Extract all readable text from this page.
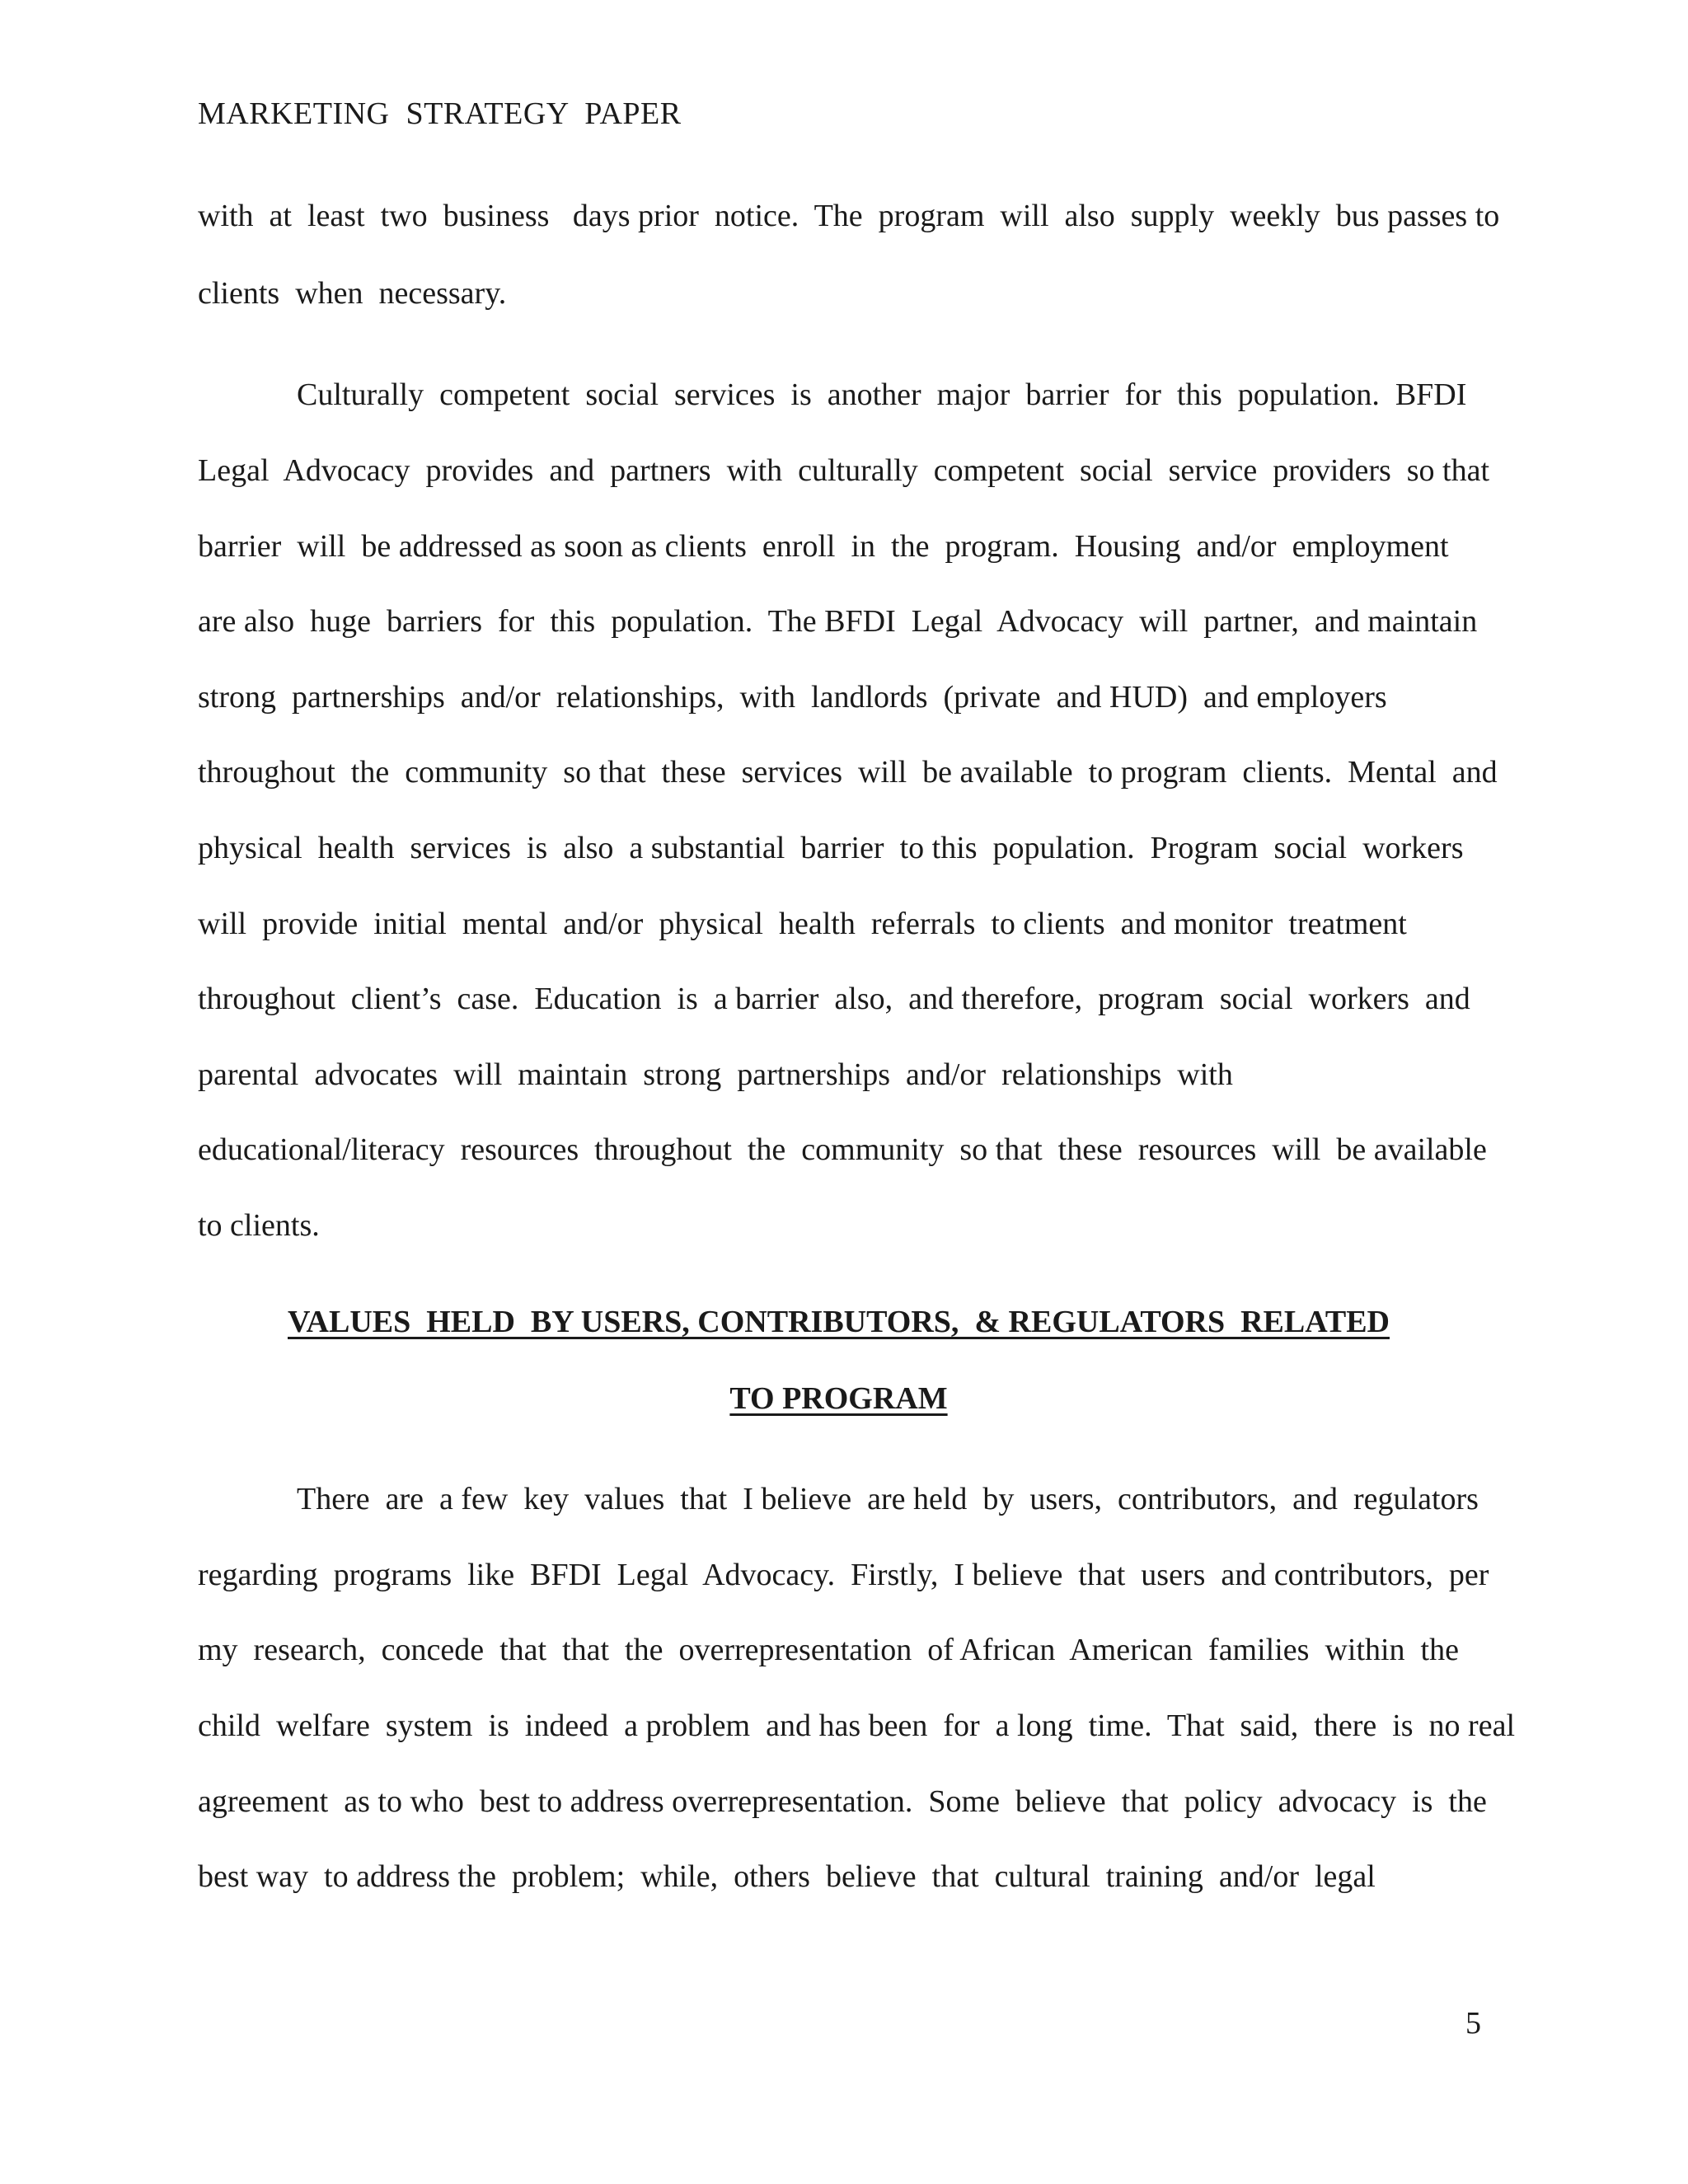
MARKETING  STRATEGY  PAPER
with  at  least  two  business   days prior  notice.  The  program  will  also  supply  weekly  bus passes to
clients  when  necessary.
Culturally  competent  social  services  is  another  major  barrier  for  this  population.  BFDI
Legal  Advocacy  provides  and  partners  with  culturally  competent  social  service  providers  so that
barrier  will  be addressed as soon as clients  enroll  in  the  program.  Housing  and/or  employment
are also  huge  barriers  for  this  population.  The BFDI  Legal  Advocacy  will  partner,  and maintain
strong  partnerships  and/or  relationships,  with  landlords  (private  and HUD)  and employers
throughout  the  community  so that  these  services  will  be available  to program  clients.  Mental  and
physical  health  services  is  also  a substantial  barrier  to this  population.  Program  social  workers
will  provide  initial  mental  and/or  physical  health  referrals  to clients  and monitor  treatment
throughout  client’s  case.  Education  is  a barrier  also,  and therefore,  program  social  workers  and
parental  advocates  will  maintain  strong  partnerships  and/or  relationships  with
educational/literacy  resources  throughout  the  community  so that  these  resources  will  be available
to clients.
VALUES  HELD  BY USERS, CONTRIBUTORS,  & REGULATORS  RELATED
TO PROGRAM
There  are  a few  key  values  that  I believe  are held  by  users,  contributors,  and  regulators
regarding  programs  like  BFDI  Legal  Advocacy.  Firstly,  I believe  that  users  and contributors,  per
my  research,  concede  that  that  the  overrepresentation  of African  American  families  within  the
child  welfare  system  is  indeed  a problem  and has been  for  a long  time.  That  said,  there  is  no real
agreement  as to who  best to address overrepresentation.  Some  believe  that  policy  advocacy  is  the
best way  to address the  problem;  while,  others  believe  that  cultural  training  and/or  legal
5
